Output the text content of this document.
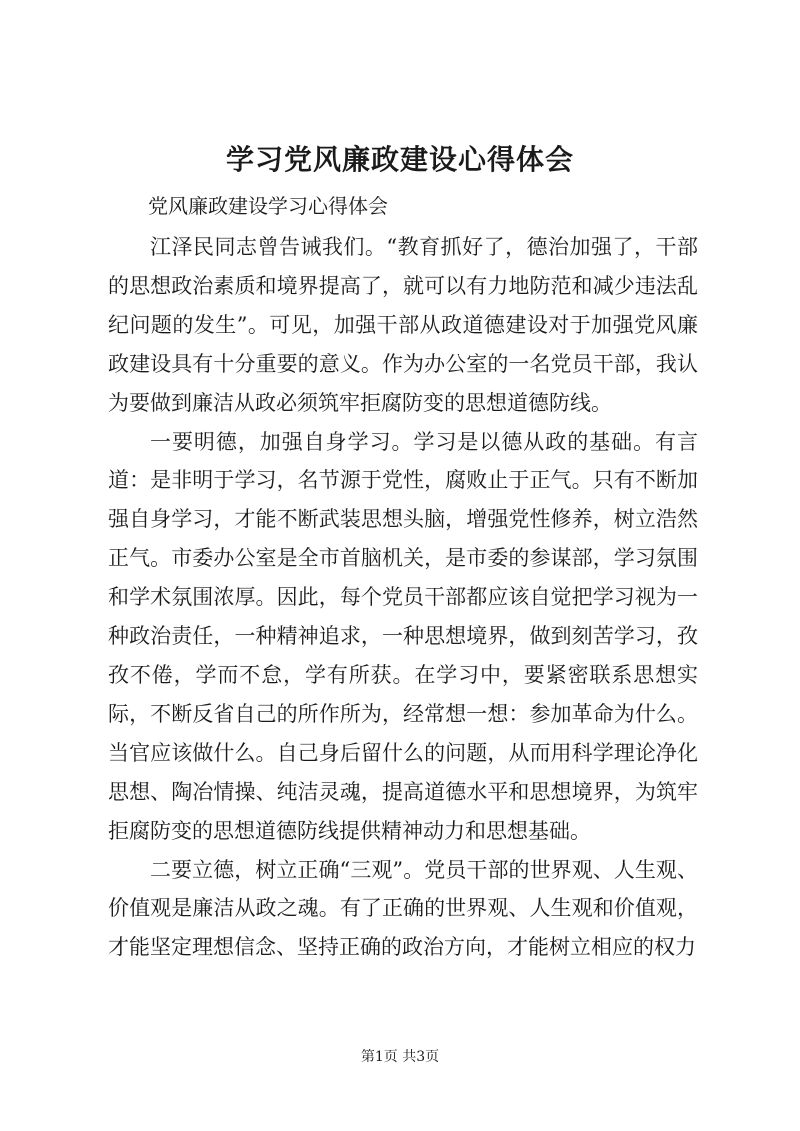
学习党风廉政建设心得体会

党风廉政建设学习心得体会

江泽民同志曾告诫我们。“教育抓好了，德治加强了，干部的思想政治素质和境界提高了，就可以有力地防范和减少违法乱纪问题的发生”。可见，加强干部从政道德建设对于加强党风廉政建设具有十分重要的意义。作为办公室的一名党员干部，我认为要做到廉洁从政必须筑牢拒腐防变的思想道德防线。

一要明德，加强自身学习。学习是以德从政的基础。有言道：是非明于学习，名节源于党性，腐败止于正气。只有不断加强自身学习，才能不断武装思想头脑，增强党性修养，树立浩然正气。市委办公室是全市首脑机关，是市委的参谋部，学习氛围和学术氛围浓厚。因此，每个党员干部都应该自觉把学习视为一种政治责任，一种精神追求，一种思想境界，做到刻苦学习，孜孜不倦，学而不怠，学有所获。在学习中，要紧密联系思想实际，不断反省自己的所作所为，经常想一想：参加革命为什么。当官应该做什么。自己身后留什么的问题，从而用科学理论净化思想、陶冶情操、纯洁灵魂，提高道德水平和思想境界，为筑牢拒腐防变的思想道德防线提供精神动力和思想基础。

二要立德，树立正确“三观”。党员干部的世界观、人生观、价值观是廉洁从政之魂。有了正确的世界观、人生观和价值观，才能坚定理想信念、坚持正确的政治方向，才能树立相应的权力

第1页 共3页
